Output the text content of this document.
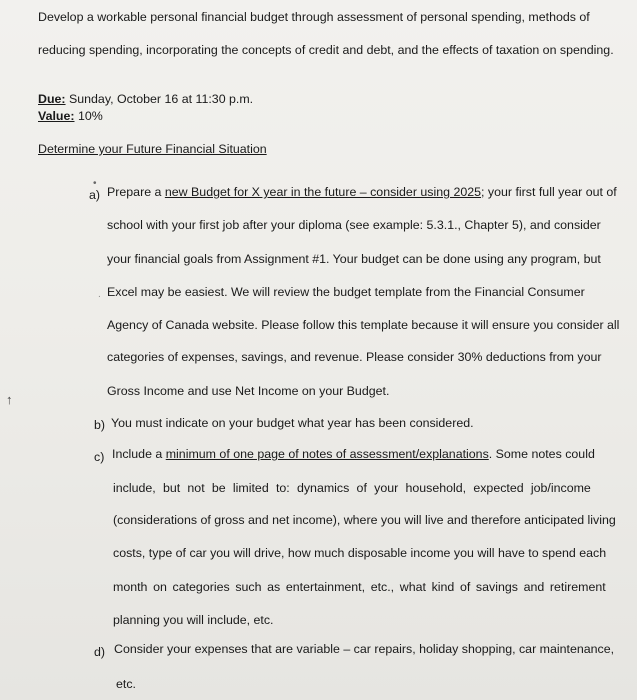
Develop a workable personal financial budget through assessment of personal spending, methods of
reducing spending, incorporating the concepts of credit and debt, and the effects of taxation on spending.
Due: Sunday, October 16 at 11:30 p.m.
Value: 10%
Determine your Future Financial Situation
•
↑
.
a) Prepare a new Budget for X year in the future – consider using 2025; your first full year out of
school with your first job after your diploma (see example: 5.3.1., Chapter 5), and consider
your financial goals from Assignment #1. Your budget can be done using any program, but
Excel may be easiest. We will review the budget template from the Financial Consumer
Agency of Canada website. Please follow this template because it will ensure you consider all
categories of expenses, savings, and revenue. Please consider 30% deductions from your
Gross Income and use Net Income on your Budget.
b) You must indicate on your budget what year has been considered.
c) Include a minimum of one page of notes of assessment/explanations. Some notes could
include, but not be limited to: dynamics of your household, expected job/income
(considerations of gross and net income), where you will live and therefore anticipated living
costs, type of car you will drive, how much disposable income you will have to spend each
month on categories such as entertainment, etc., what kind of savings and retirement
planning you will include, etc.
d) Consider your expenses that are variable – car repairs, holiday shopping, car maintenance,
etc.
